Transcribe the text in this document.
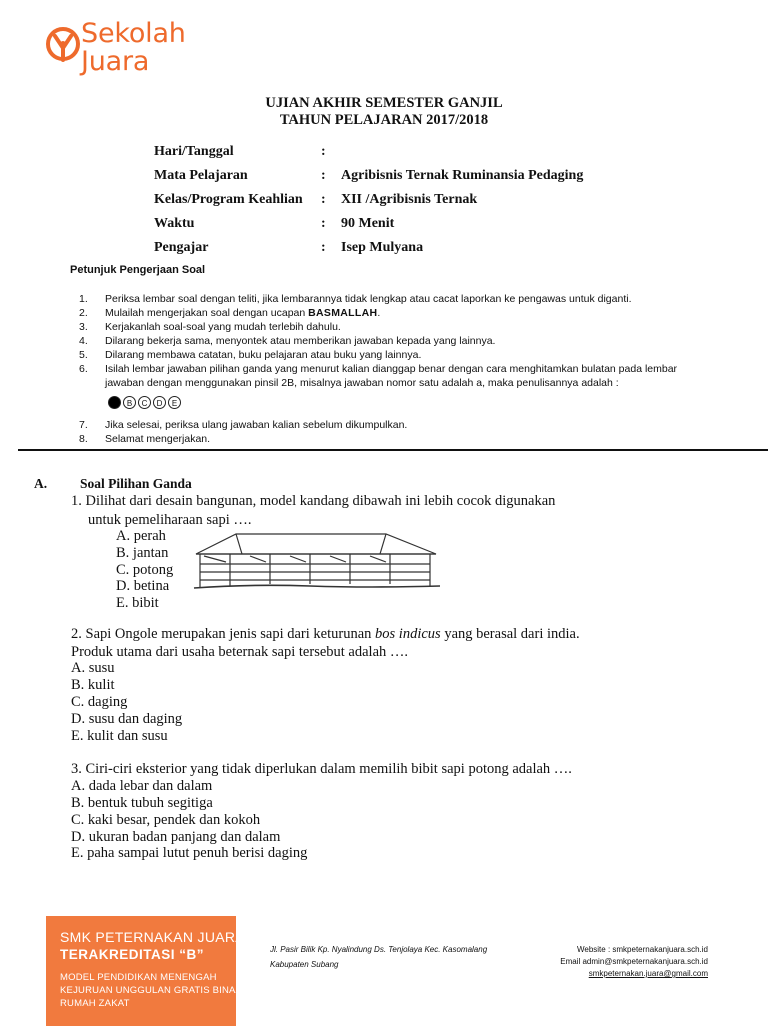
Sekolah
Juara
UJIAN AKHIR SEMESTER GANJIL
TAHUN PELAJARAN 2017/2018
Hari/Tanggal	:
Mata Pelajaran	: Agribisnis Ternak Ruminansia Pedaging
Kelas/Program Keahlian : XII /Agribisnis Ternak
Waktu	: 90 Menit
Pengajar	: Isep Mulyana
Petunjuk Pengerjaan Soal
1.	Periksa lembar soal dengan teliti, jika lembarannya tidak lengkap atau cacat laporkan ke pengawas untuk diganti.
2.	Mulailah mengerjakan soal dengan ucapan BASMALLAH.
3.	Kerjakanlah soal-soal yang mudah terlebih dahulu.
4.	Dilarang bekerja sama, menyontek atau memberikan jawaban kepada yang lainnya.
5.	Dilarang membawa catatan, buku pelajaran atau buku yang lainnya.
6.	Isilah lembar jawaban pilihan ganda yang menurut kalian dianggap benar dengan cara menghitamkan bulatan pada lembar
jawaban dengan menggunakan pinsil 2B, misalnya jawaban nomor satu adalah a, maka penulisannya adalah :
B	C	D	E
7.	Jika selesai, periksa ulang jawaban kalian sebelum dikumpulkan.
8.	Selamat mengerjakan.
A. Soal Pilihan Ganda
1. Dilihat dari desain bangunan, model kandang dibawah ini lebih cocok digunakan
untuk pemeliharaan sapi ….
A. perah
B. jantan
C. potong
D. betina
E. bibit
2. Sapi Ongole merupakan jenis sapi dari keturunan bos indicus yang berasal dari india.
Produk utama dari usaha beternak sapi tersebut adalah ….
A. susu
B. kulit
C. daging
D. susu dan daging
E. kulit dan susu
3. Ciri-ciri eksterior yang tidak diperlukan dalam memilih bibit sapi potong adalah ….
A. dada lebar dan dalam
B. bentuk tubuh segitiga
C. kaki besar, pendek dan kokoh
D. ukuran badan panjang dan dalam
E. paha sampai lutut penuh berisi daging
SMK PETERNAKAN JUARA
TERAKREDITASI “B”
MODEL PENDIDIKAN MENENGAH
KEJURUAN UNGGULAN GRATIS BINAAN
RUMAH ZAKAT
Jl. Pasir Bilik Kp. Nyalindung Ds. Tenjolaya Kec. Kasomalang
Kabupaten Subang
Website : smkpeternakanjuara.sch.id
Email admin@smkpeternakanjuara.sch.id
smkpeternakan.juara@gmail.com
